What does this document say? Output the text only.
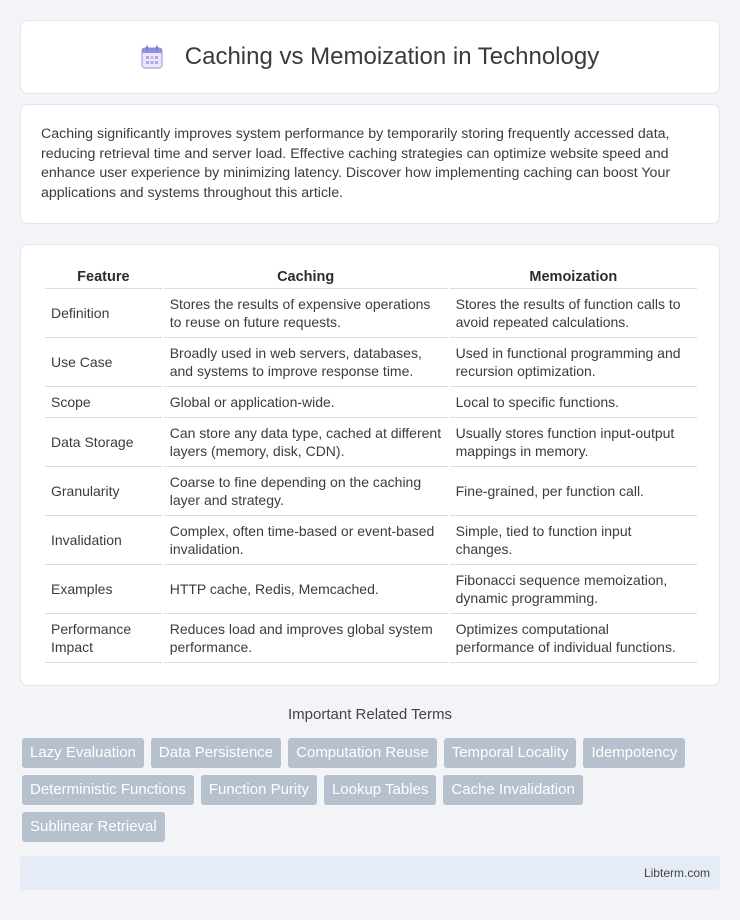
Caching vs Memoization in Technology

Caching significantly improves system performance by temporarily storing frequently accessed data, reducing retrieval time and server load. Effective caching strategies can optimize website speed and enhance user experience by minimizing latency. Discover how implementing caching can boost Your applications and systems throughout this article.

Feature	Caching	Memoization
Definition	Stores the results of expensive operations to reuse on future requests.	Stores the results of function calls to avoid repeated calculations.
Use Case	Broadly used in web servers, databases, and systems to improve response time.	Used in functional programming and recursion optimization.
Scope	Global or application-wide.	Local to specific functions.
Data Storage	Can store any data type, cached at different layers (memory, disk, CDN).	Usually stores function input-output mappings in memory.
Granularity	Coarse to fine depending on the caching layer and strategy.	Fine-grained, per function call.
Invalidation	Complex, often time-based or event-based invalidation.	Simple, tied to function input changes.
Examples	HTTP cache, Redis, Memcached.	Fibonacci sequence memoization, dynamic programming.
Performance Impact	Reduces load and improves global system performance.	Optimizes computational performance of individual functions.
Important Related Terms
Lazy Evaluation	Data Persistence	Computation Reuse	Temporal Locality	Idempotency
Deterministic Functions	Function Purity	Lookup Tables	Cache Invalidation
Sublinear Retrieval
Libterm.com
